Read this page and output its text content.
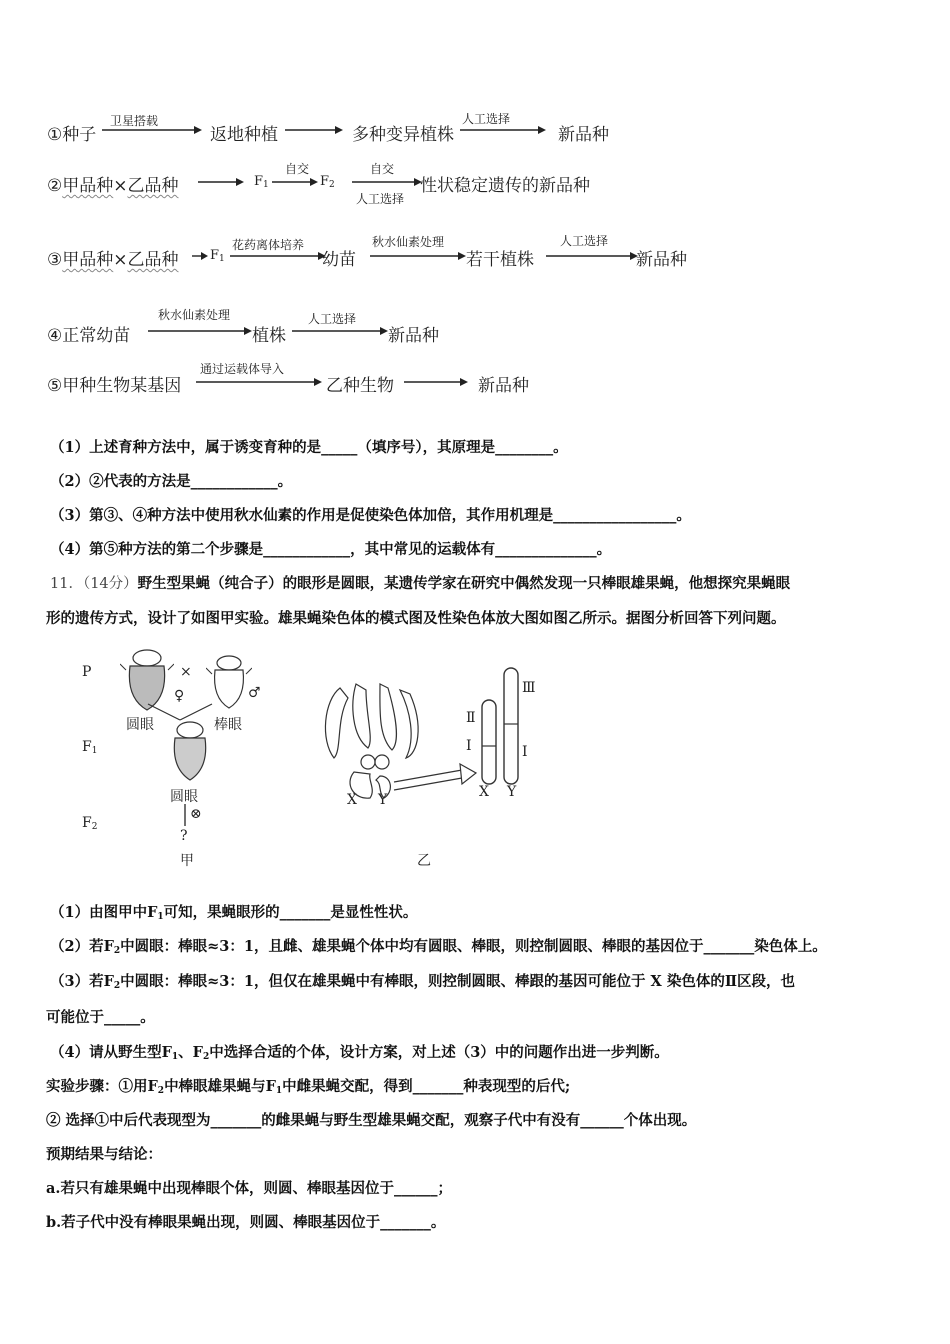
①种子
卫星搭载
返地种植	多种变异植株
人工选择
新品种
②甲品种×乙品种	$F_1$
自交
$F_2$
自交
人工选择
性状稳定遗传的新品种
③甲品种×乙品种 $F_1$
花药离体培养
幼苗
秋水仙素处理
若干植株
人工选择
新品种
④正常幼苗
秋水仙素处理
植株
人工选择
新品种
⑤甲种生物某基因
通过运载体导入
乙种生物	新品种
（1）上述育种方法中，属于诱变育种的是_____（填序号），其原理是________。
（2）②代表的方法是____________。
（3）第③、④种方法中使用秋水仙素的作用是促使染色体加倍，其作用机理是_________________。
（4）第⑤种方法的第二个步骤是____________，其中常见的运载体有______________。
11．（14分）野生型果蝇（纯合子）的眼形是圆眼，某遗传学家在研究中偶然发现一只棒眼雄果蝇，他想探究果蝇眼
形的遗传方式，设计了如图甲实验。雄果蝇染色体的模式图及性染色体放大图如图乙所示。据图分析回答下列问题。
P
$F_1$
$F_2$
×
♀
圆眼
♂
棒眼
圆眼
⊗
?
甲
X Y
Ⅱ
Ⅰ
Ⅲ
Ⅰ
X Y
乙
（1）由图甲中$F_1$可知，果蝇眼形的_______是显性性状。
（2）若$F_2$中圆眼：棒眼≈3：1，且雌、雄果蝇个体中均有圆眼、棒眼，则控制圆眼、棒眼的基因位于_______染色体上。
（3）若$F_2$中圆眼：棒眼≈3：1，但仅在雄果蝇中有棒眼，则控制圆眼、棒跟的基因可能位于 X 染色体的Ⅱ区段，也
可能位于_____。
（4）请从野生型$F_1$、$F_2$中选择合适的个体，设计方案，对上述（3）中的问题作出进一步判断。
实验步骤：①用$F_2$中棒眼雄果蝇与$F_1$中雌果蝇交配，得到_______种表现型的后代;
② 选择①中后代表现型为_______的雌果蝇与野生型雄果蝇交配，观察子代中有没有______个体出现。
预期结果与结论：
a.若只有雄果蝇中出现棒眼个体，则圆、棒眼基因位于______；
b.若子代中没有棒眼果蝇出现，则圆、棒眼基因位于_______。
